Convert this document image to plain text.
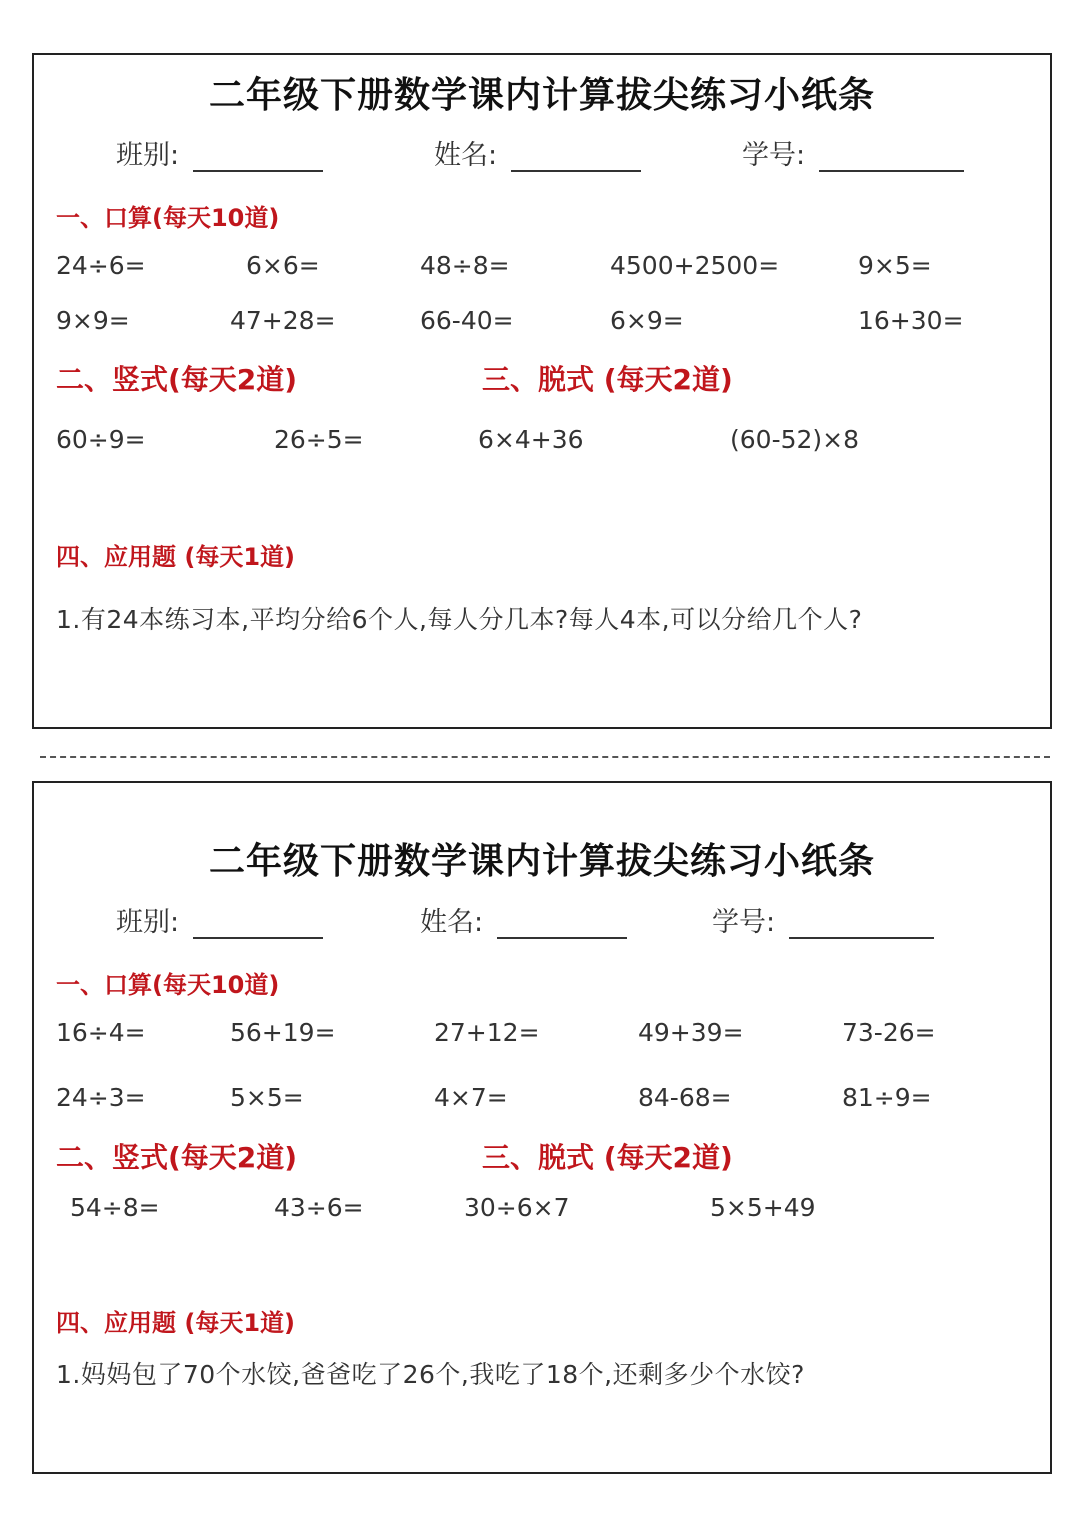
二年级下册数学课内计算拔尖练习小纸条
班别:	姓名:	学号:
一、口算(每天10道)
24÷6=	6×6=	48÷8=	4500+2500=	9×5=
9×9=	47+28=	66-40=	6×9=	16+30=
二、竖式(每天2道)	三、脱式 (每天2道)
60÷9=	26÷5=	6×4+36	(60-52)×8
四、应用题 (每天1道)
1.有24本练习本,平均分给6个人,每人分几本?每人4本,可以分给几个人?
二年级下册数学课内计算拔尖练习小纸条
班别:	姓名:	学号:
一、口算(每天10道)
16÷4=	56+19=	27+12=	49+39=	73-26=
24÷3=	5×5=	4×7=	84-68=	81÷9=
二、竖式(每天2道)	三、脱式 (每天2道)
54÷8=	43÷6=	30÷6×7	5×5+49
四、应用题 (每天1道)
1.妈妈包了70个水饺,爸爸吃了26个,我吃了18个,还剩多少个水饺?
